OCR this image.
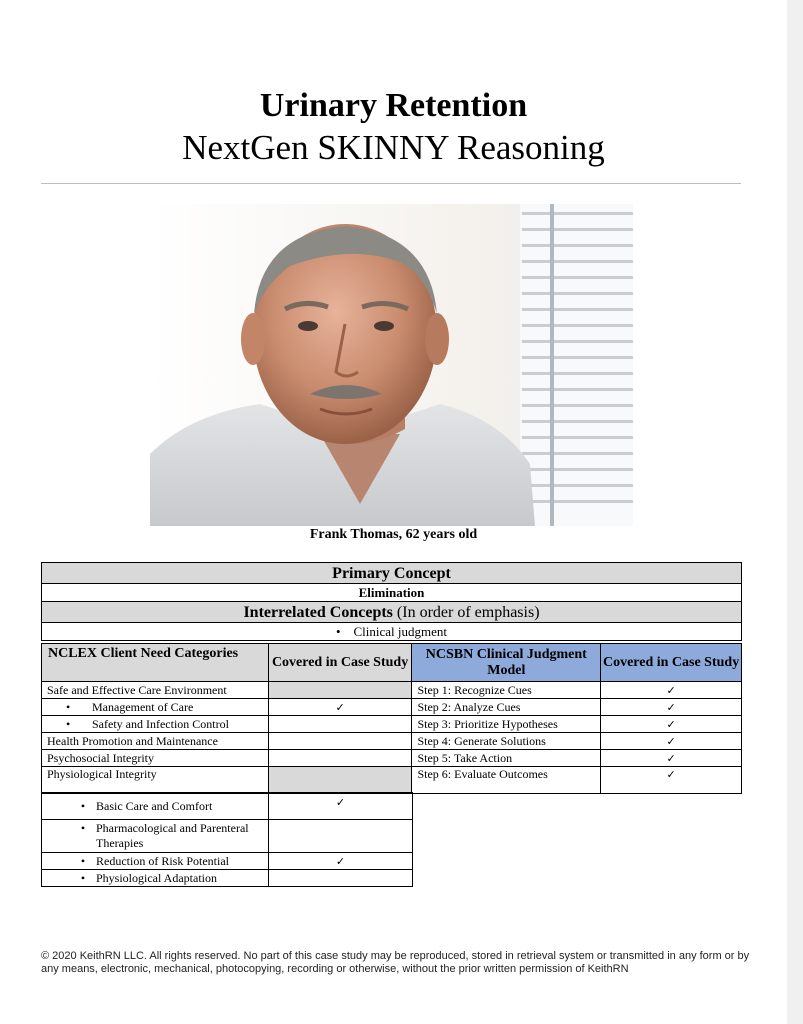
Urinary Retention
NextGen SKINNY Reasoning
Frank Thomas, 62 years old
Primary Concept
Elimination
Interrelated Concepts (In order of emphasis)
•    Clinical judgment
NCLEX Client Need Categories	Covered in Case Study	NCSBN Clinical Judgment Model	Covered in Case Study
Safe and Effective Care Environment		Step 1: Recognize Cues	✓
• Management of Care	✓	Step 2: Analyze Cues	✓
• Safety and Infection Control		Step 3: Prioritize Hypotheses	✓
Health Promotion and Maintenance		Step 4: Generate Solutions	✓
Psychosocial Integrity		Step 5: Take Action	✓
Physiological Integrity		Step 6: Evaluate Outcomes	✓
• Basic Care and Comfort	✓
• Pharmacological and Parenteral Therapies	
• Reduction of Risk Potential	✓
• Physiological Adaptation	
© 2020 KeithRN LLC. All rights reserved. No part of this case study may be reproduced, stored in retrieval system or transmitted in any form or by any means, electronic, mechanical, photocopying, recording or otherwise, without the prior written permission of KeithRN
